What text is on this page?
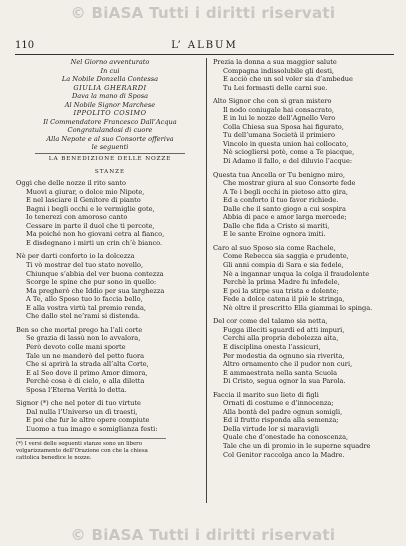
© BiASA Tutti i diritti riservati
110	L’ ALBUM
Nel Giorno avventurato
In cui
La Nobile Donzella Contessa
GIULIA GHERARDI
Dava la mano di Sposa
Al Nobile Signor Marchese
IPPOLITO COSIMO
Il Commendatore Francesco Dall’Acqua
Congratulandosi di cuore
Alla Nepote e al suo Consorte offeriva
le seguenti
LA BENEDIZIONE DELLE NOZZE
STANZE
Oggi che delle nozze il rito santo
Muovi a giurar, o dolce mio Nipote,
E nel lasciare il Genitore di pianto
Bagni i begli occhi e le vermiglie gote,
Io tenerezi con amoroso canto
Cessare in parte il duol che ti percote,
Ma poiché non ho giovani cetra al fianco,
E disdegnano i mirti un crin ch’è bianco.
Nè per darti conforto io la dolcezza
Ti vò mostrar del tuo stato novello,
Chiunque s’abbia del ver buona contezza
Scorge le spine che pur sono in quello:
Ma pregherò che Iddio per sua larghezza
A Te, allo Sposo tuo lo faccia bello,
E alla vostra virtù tal premio renda,
Che dallo stel ne’rami si distenda.
Ben so che mortal prego ha l’ali corte
Se grazia di lassù non lo avvalora,
Però devoto colle mani sporte
Tale un ne manderò del petto fuora
Che si aprirà la strada all’alta Corte,
E al Seo dove il primo Amor dimora,
Perchè cosa è di cielo, e alla diletta
Sposa l’Eterna Verità lo detta.
Signor (*) che nel poter di tuo virtute
Dal nulla l’Universo un dì traesti,
E poi che fur le altre opere compiute
L’uomo a tua imago e somiglianza festi:
(*) I versi delle seguenti stanze sono un libero volgarizzamento dell’Orazione con che la chiesa cattolica benedice le nozze.
Prezia la donna a sua maggior salute
Compagna indissolubile gli desti,
E acciò che un sol voler sia d’ambedue
Tu Lei formasti delle carni sue.
Alto Signor che con sì gran mistero
Il nodo coniugale hai consacrato,
E in lui le nozze dell’Agnello Vero
Colla Chiesa sua Sposa hai figurato,
Tu dell’umana Società il primiero
Vincolo in questa union hai collocato,
Nè sciogliersi potè, come a Te piacque,
Di Adamo il fallo, e del diluvio l’acque:
Questa tua Ancella or Tu benigno miro,
Che mostrar giura al suo Consorte fede
A Te i begli occhi in pietoso atto gira,
Ed a conforto il tuo favor richiede.
Dalle che il santo giogo a cui sospira
Abbia di pace e amor larga mercede;
Dalle che fida a Cristo si mariti,
E le sante Eroine ognora imiti.
Caro al suo Sposo sia come Rachele,
Come Rebecca sia saggia e prudente,
Gli anni compia di Sara e sia fedele,
Nè a ingannar unqua la colga il fraudolente
Perchè la prima Madre fu infedele,
E poi la stirpe sua trista e dolente;
Fede a dolce catena il piè le stringa,
Nè oltre il prescritto Ella giammai lo spinga.
Del cor come del talamo sia netta,
Fugga illeciti sguardi ed atti impuri,
Cerchi alla propria debolezza aìta,
E disciplina onesta l’assicuri,
Per modestia da ognuno sia riverita,
Altro ornamento che il pudor non curi,
E ammaestrata nella santa Scuola
Di Cristo, segua ognor la sua Parola.
Faccia il marito suo lieto di figli
Ornati di costume e d’innocenza;
Alla bontà del padre ognun somigli,
Ed il frutto risponda alla semenza;
Della virtude lor si maravigli
Quale che d’onestade ha conoscenza,
Tale che un dì promio in le superne squadre
Col Genitor raccolga anco la Madre.
© BiASA Tutti i diritti riservati
